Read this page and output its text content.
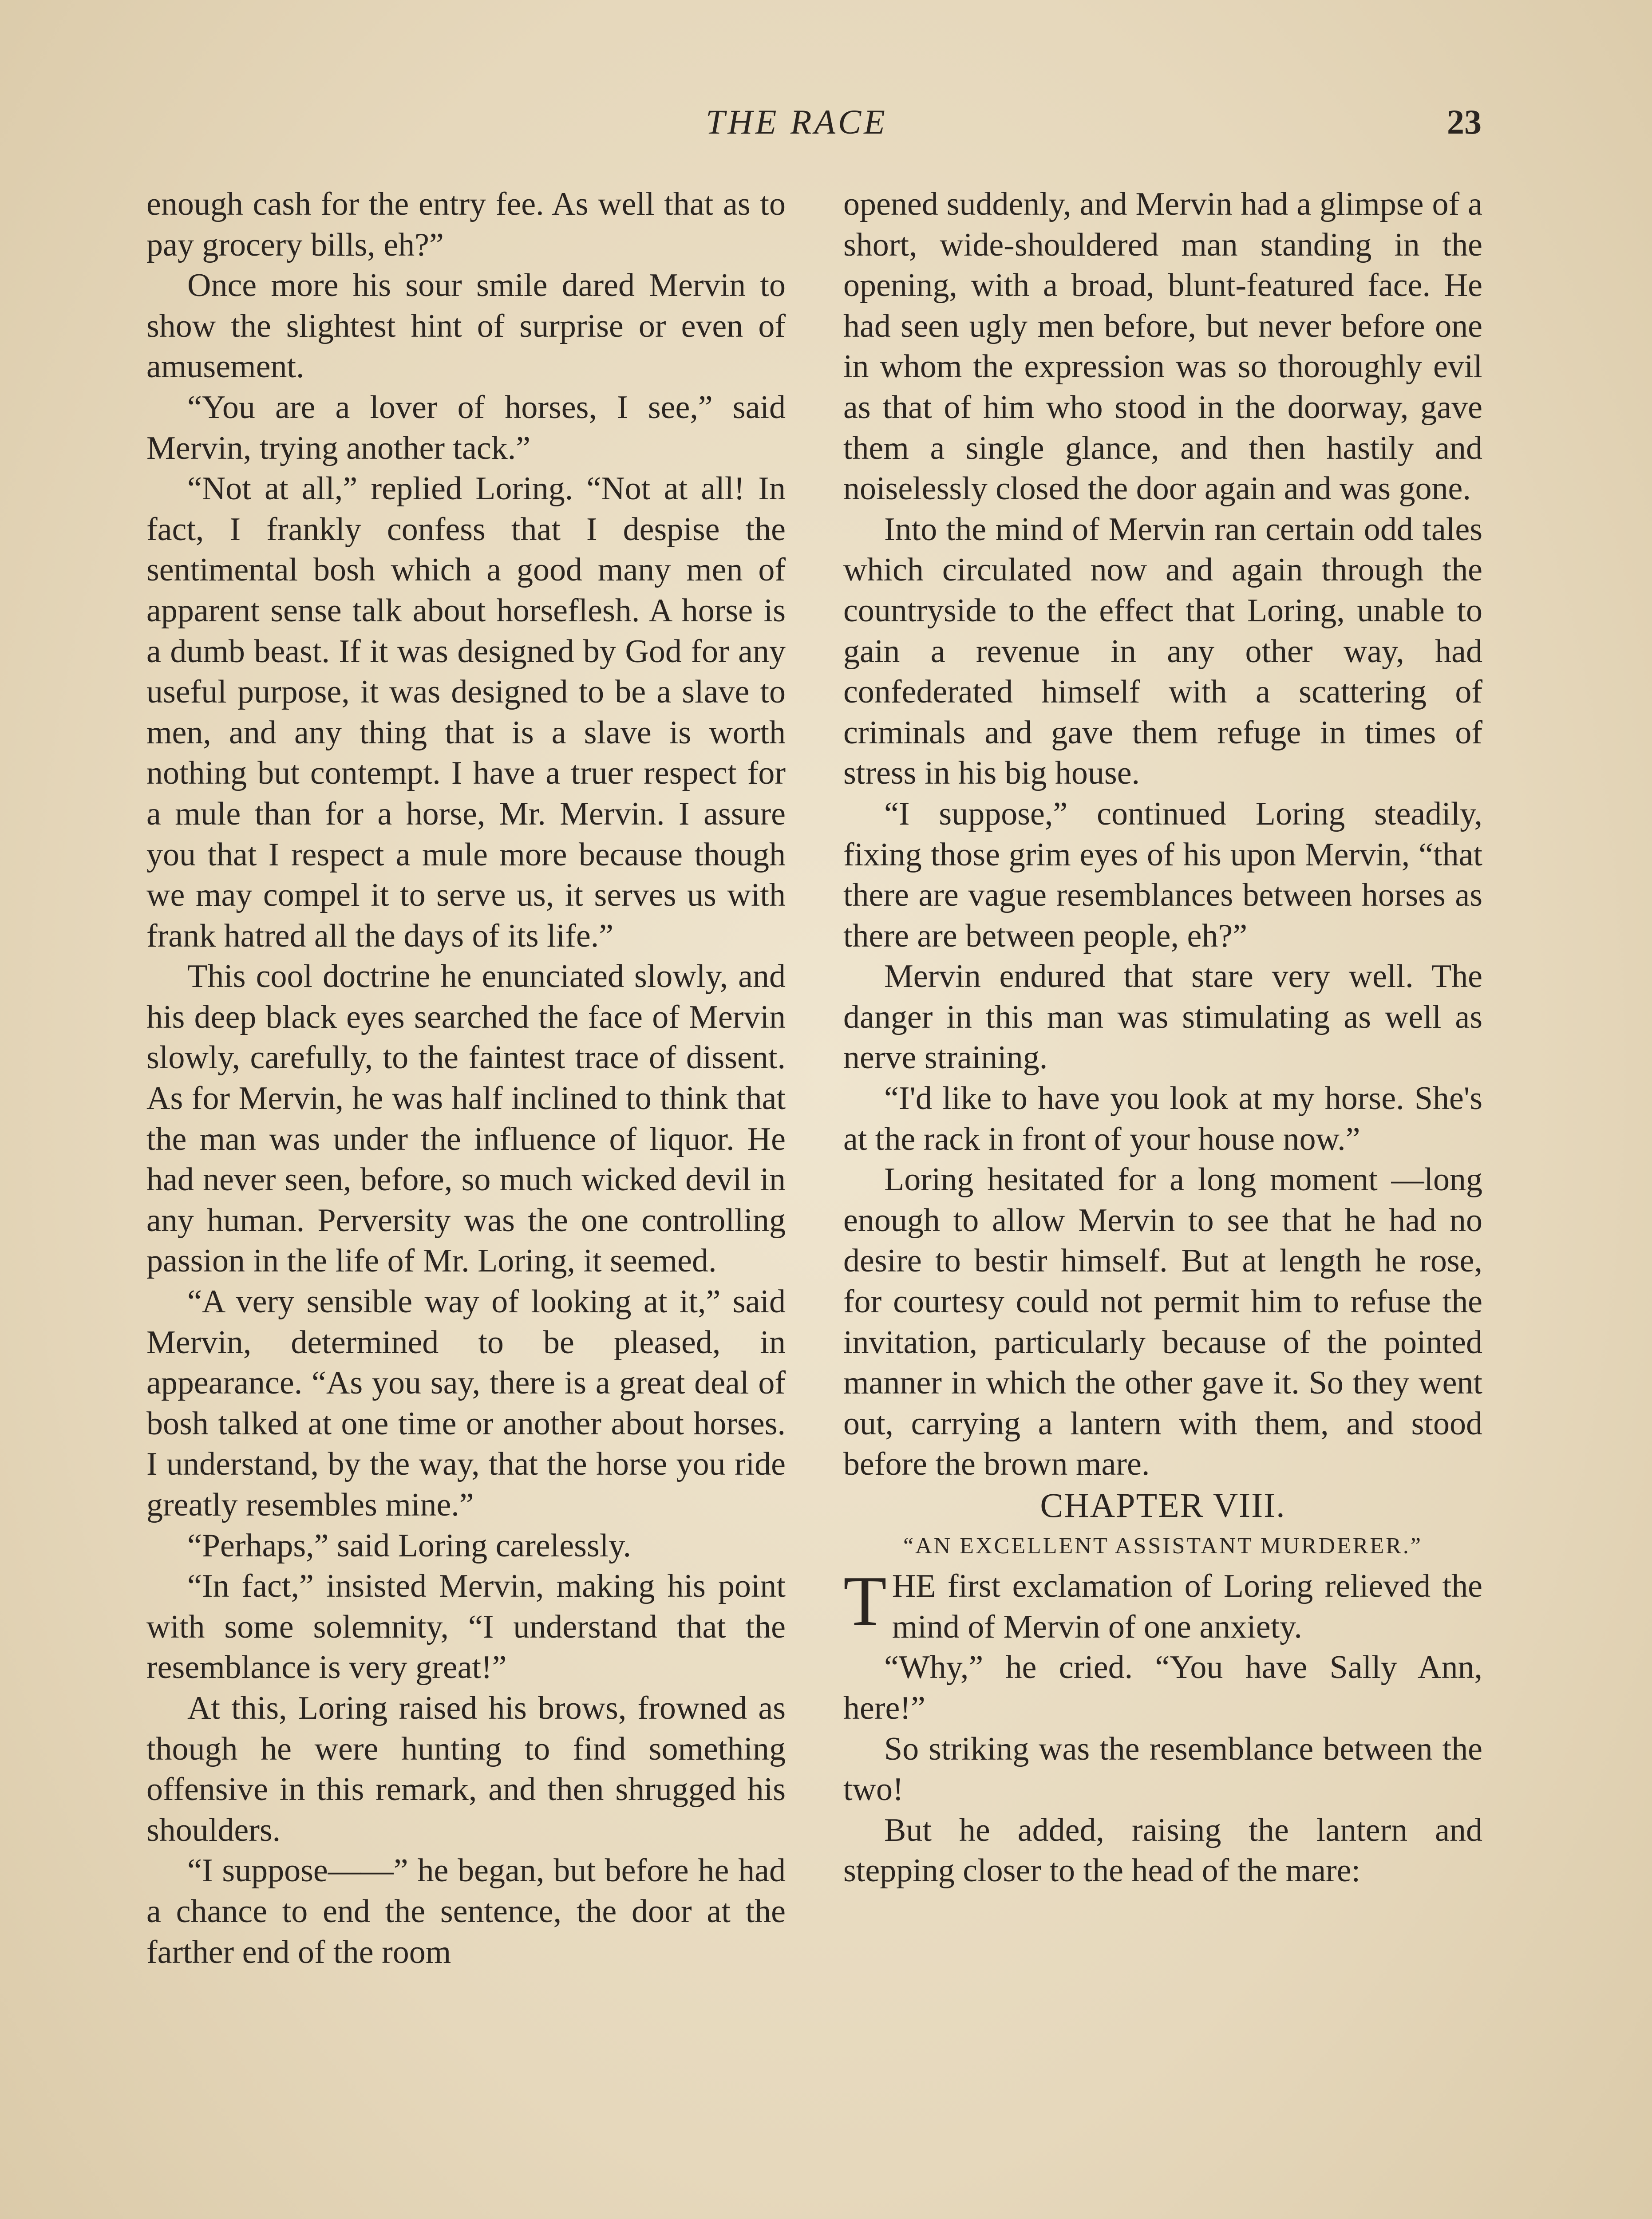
THE RACE	23

enough cash for the entry fee. As well that as to pay grocery bills, eh?”

Once more his sour smile dared Mervin to show the slightest hint of surprise or even of amusement.

“You are a lover of horses, I see,” said Mervin, trying another tack.”

“Not at all,” replied Loring. “Not at all! In fact, I frankly confess that I despise the sentimental bosh which a good many men of apparent sense talk about horseflesh. A horse is a dumb beast. If it was designed by God for any useful purpose, it was designed to be a slave to men, and any thing that is a slave is worth nothing but contempt. I have a truer respect for a mule than for a horse, Mr. Mervin. I assure you that I respect a mule more because though we may compel it to serve us, it serves us with frank hatred all the days of its life.”

This cool doctrine he enunciated slowly, and his deep black eyes searched the face of Mervin slowly, carefully, to the faintest trace of dissent. As for Mervin, he was half inclined to think that the man was under the influence of liquor. He had never seen, before, so much wicked devil in any human. Perversity was the one controlling passion in the life of Mr. Loring, it seemed.

“A very sensible way of looking at it,” said Mervin, determined to be pleased, in appearance. “As you say, there is a great deal of bosh talked at one time or another about horses. I understand, by the way, that the horse you ride greatly resembles mine.”

“Perhaps,” said Loring carelessly.

“In fact,” insisted Mervin, making his point with some solemnity, “I understand that the resemblance is very great!”

At this, Loring raised his brows, frowned as though he were hunting to find something offensive in this remark, and then shrugged his shoulders.

“I suppose——” he began, but before he had a chance to end the sentence, the door at the farther end of the room

opened suddenly, and Mervin had a glimpse of a short, wide-shouldered man standing in the opening, with a broad, blunt-featured face. He had seen ugly men before, but never before one in whom the expression was so thoroughly evil as that of him who stood in the doorway, gave them a single glance, and then hastily and noiselessly closed the door again and was gone.

Into the mind of Mervin ran certain odd tales which circulated now and again through the countryside to the effect that Loring, unable to gain a revenue in any other way, had confederated himself with a scattering of criminals and gave them refuge in times of stress in his big house.

“I suppose,” continued Loring steadily, fixing those grim eyes of his upon Mervin, “that there are vague resemblances between horses as there are between people, eh?”

Mervin endured that stare very well. The danger in this man was stimulating as well as nerve straining.

“I'd like to have you look at my horse. She's at the rack in front of your house now.”

Loring hesitated for a long moment —long enough to allow Mervin to see that he had no desire to bestir himself. But at length he rose, for courtesy could not permit him to refuse the invitation, particularly because of the pointed manner in which the other gave it. So they went out, carrying a lantern with them, and stood before the brown mare.

CHAPTER VIII.

“AN EXCELLENT ASSISTANT MURDERER.”

THE first exclamation of Loring relieved the mind of Mervin of one anxiety.

“Why,” he cried. “You have Sally Ann, here!”

So striking was the resemblance between the two!

But he added, raising the lantern and stepping closer to the head of the mare:
